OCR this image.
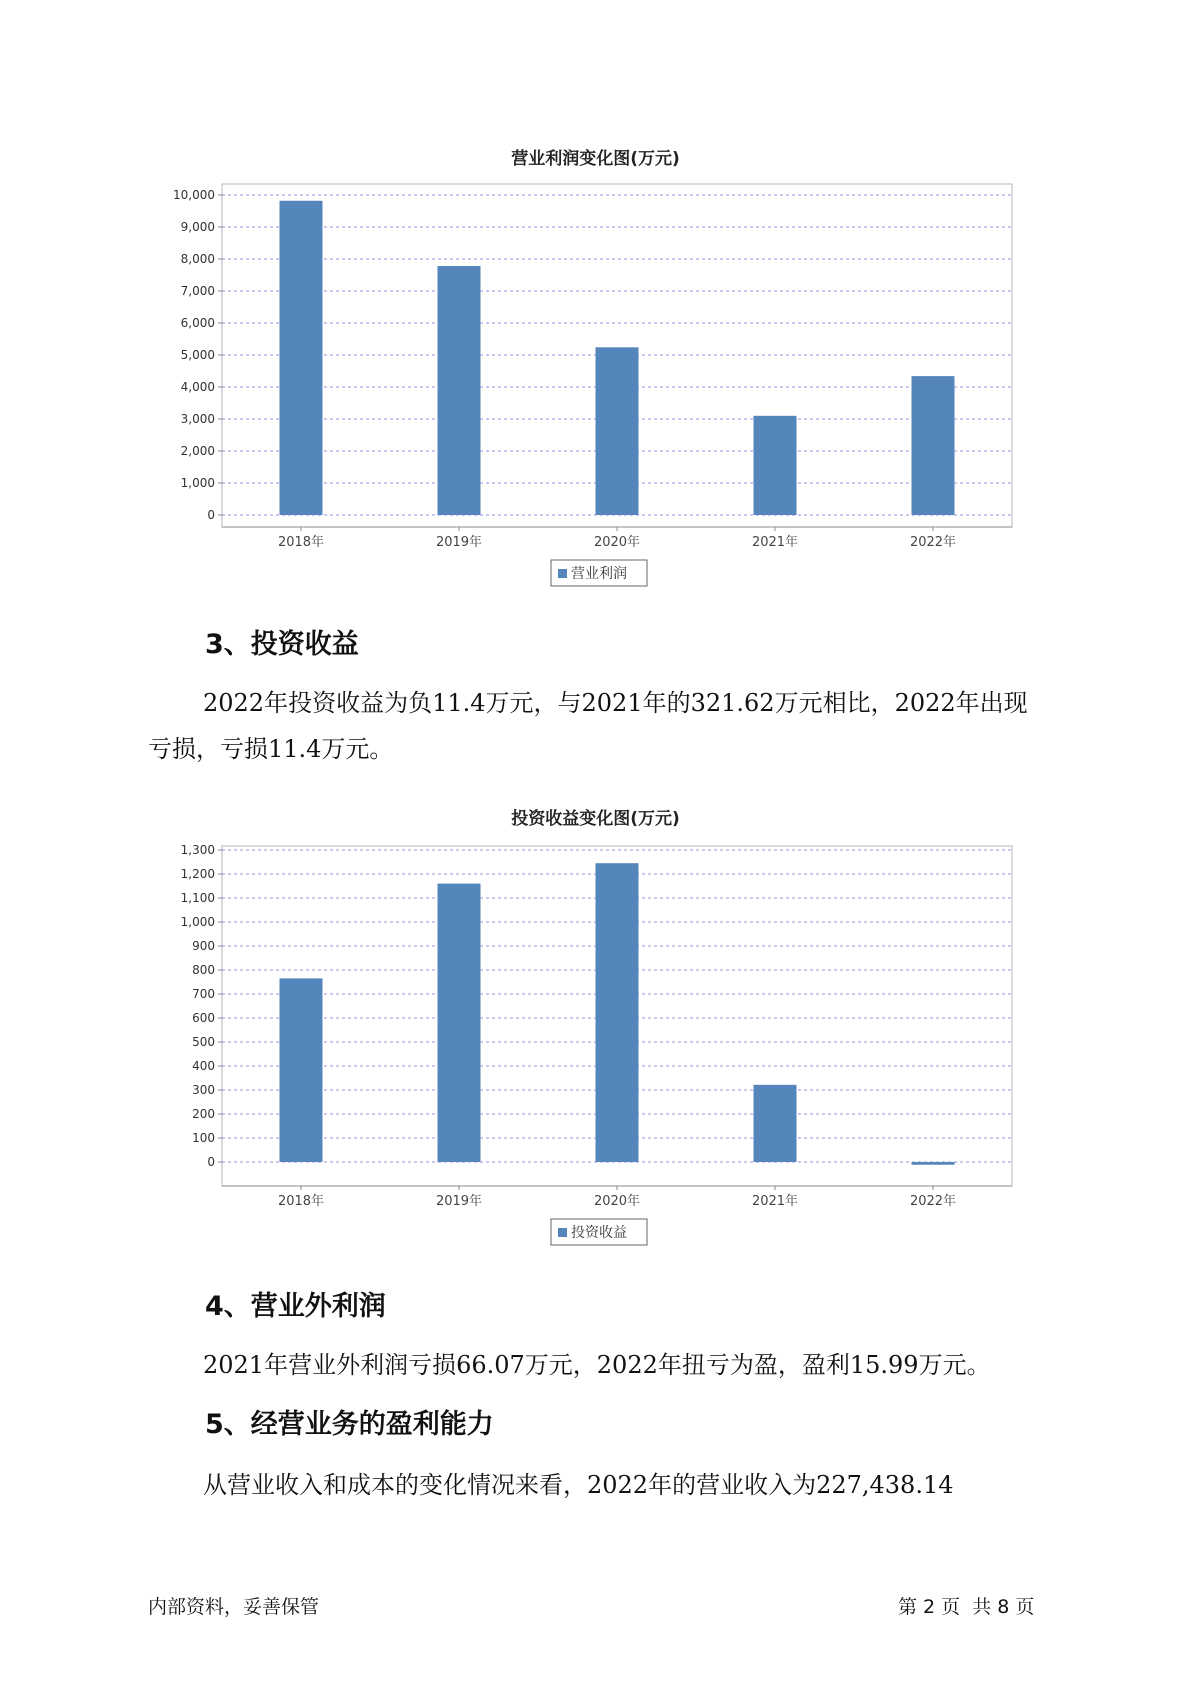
营业利润变化图(万元)
0
1,000
2,000
3,000
4,000
5,000
6,000
7,000
8,000
9,000
10,000
2018年	2019年	2020年	2021年	2022年
营业利润
3、投资收益
2022年投资收益为负11.4万元，与2021年的321.62万元相比，2022年出现亏损，亏损11.4万元。
投资收益变化图(万元)
0
100
200
300
400
500
600
700
800
900
1,000
1,100
1,200
1,300
2018年	2019年	2020年	2021年	2022年
投资收益
4、营业外利润
2021年营业外利润亏损66.07万元，2022年扭亏为盈，盈利15.99万元。
5、经营业务的盈利能力
从营业收入和成本的变化情况来看，2022年的营业收入为227,438.14
内部资料，妥善保管	第 2 页  共 8 页
